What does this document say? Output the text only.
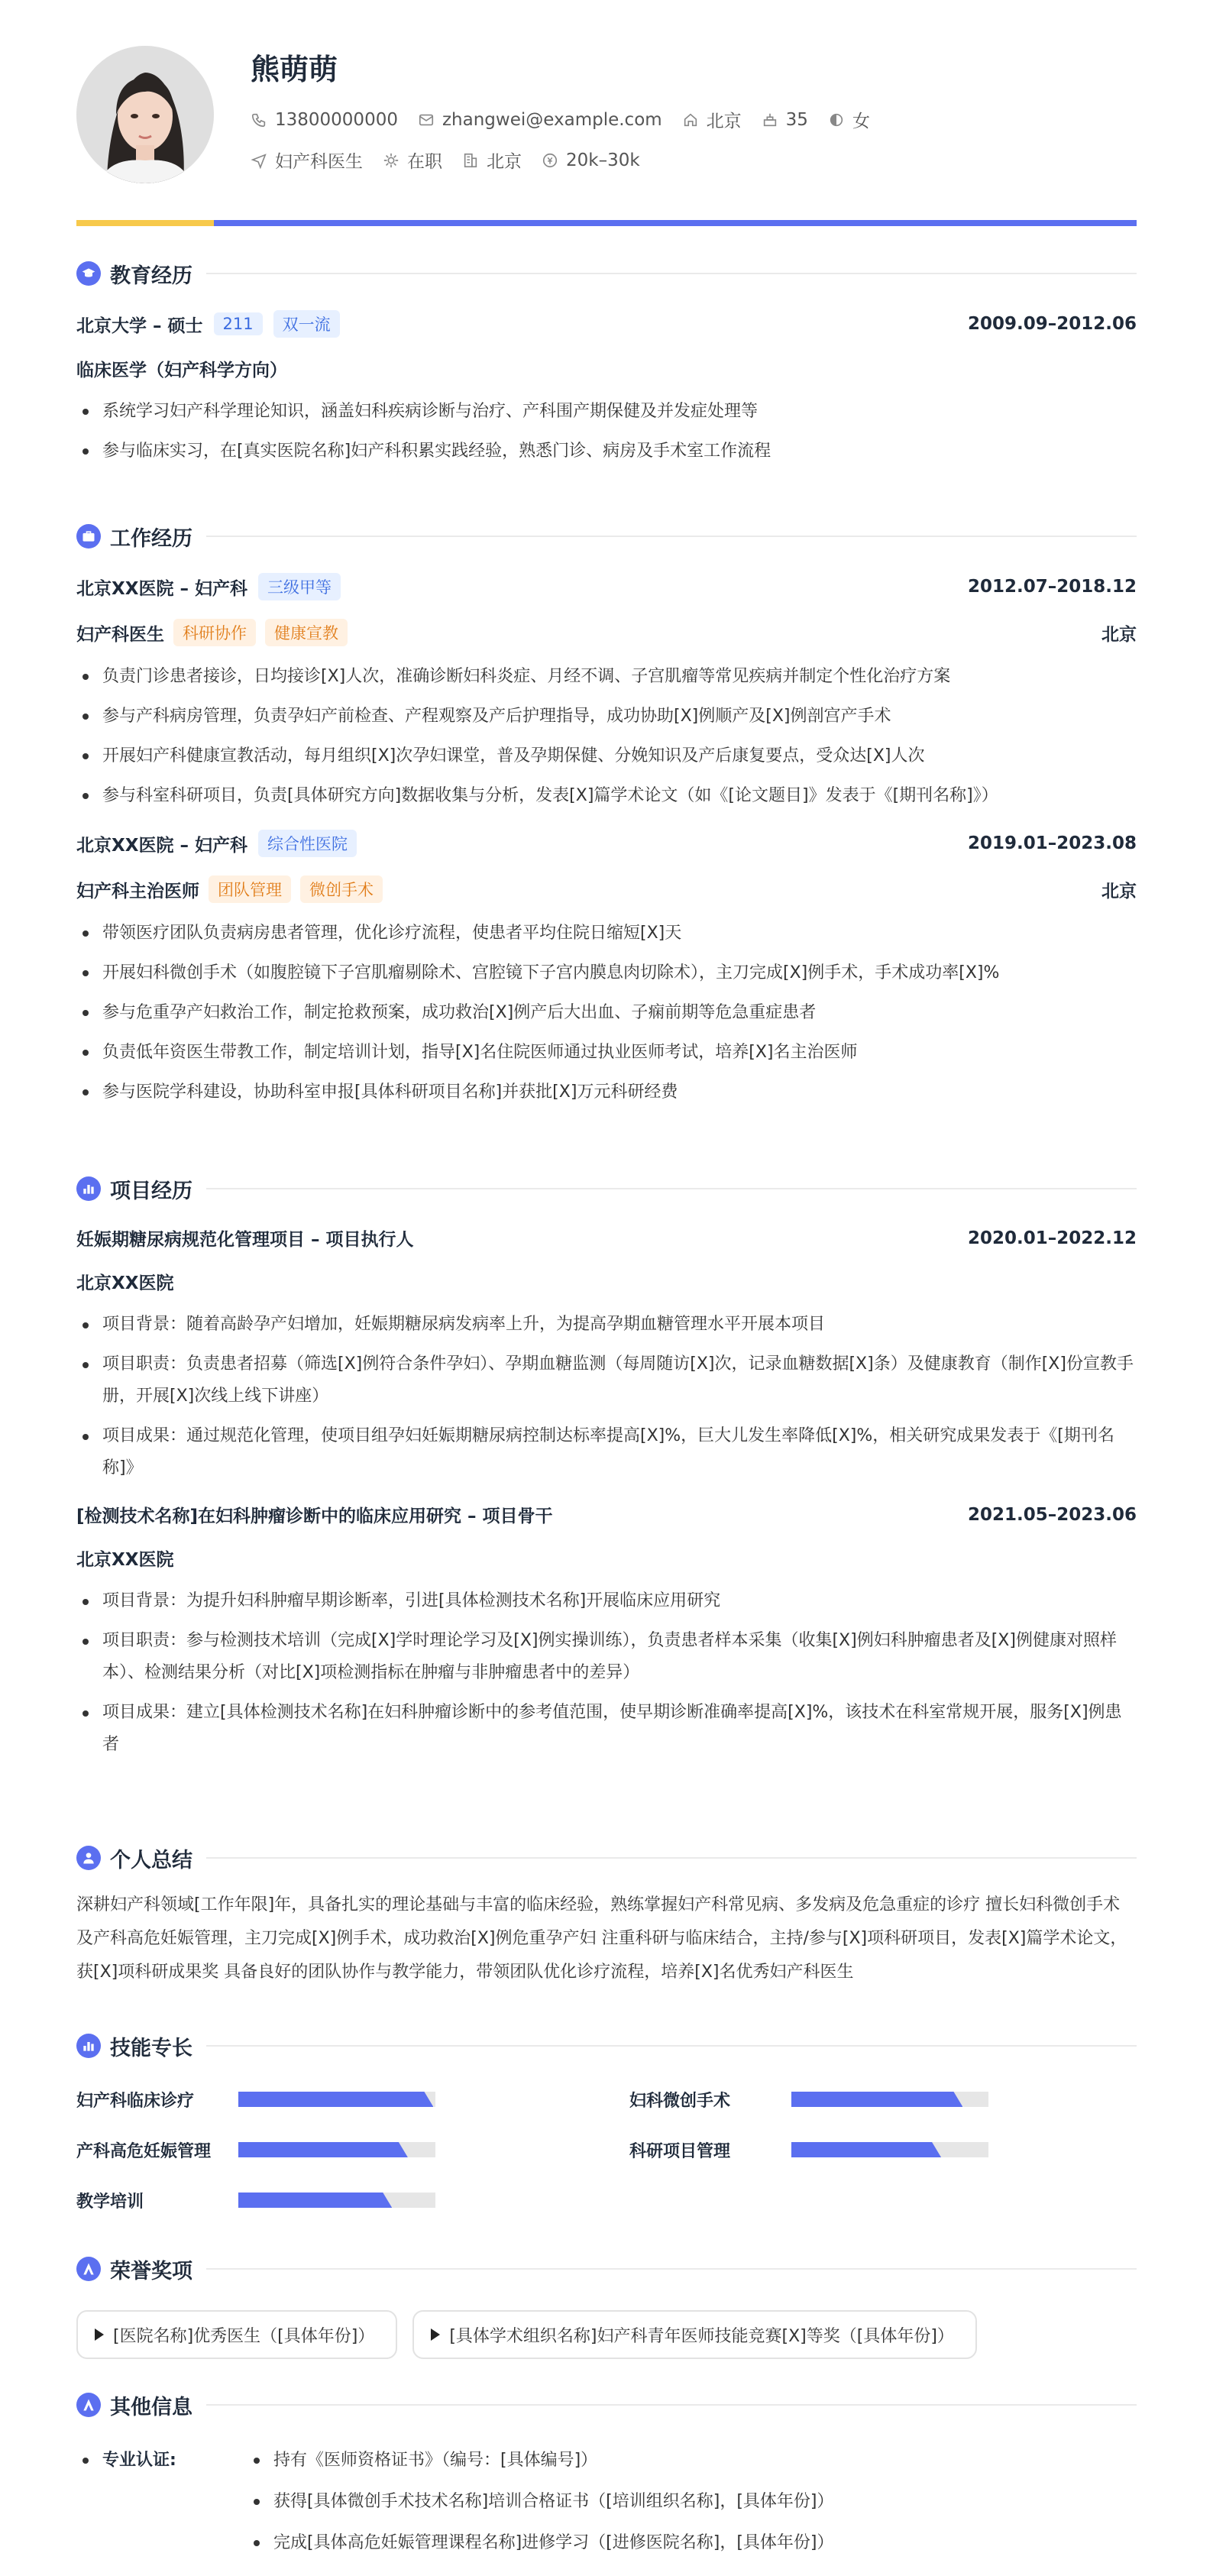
熊萌萌
13800000000	zhangwei@example.com	北京	35	女
妇产科医生	在职	北京	20k–30k
教育经历
北京大学 – 硕士	211	双一流	2009.09–2012.06
临床医学（妇产科学方向）
系统学习妇产科学理论知识，涵盖妇科疾病诊断与治疗、产科围产期保健及并发症处理等
参与临床实习，在[真实医院名称]妇产科积累实践经验，熟悉门诊、病房及手术室工作流程
工作经历
北京XX医院 – 妇产科	三级甲等	2012.07–2018.12
妇产科医生	科研协作	健康宣教	北京
负责门诊患者接诊，日均接诊[X]人次，准确诊断妇科炎症、月经不调、子宫肌瘤等常见疾病并制定个性化治疗方案
参与产科病房管理，负责孕妇产前检查、产程观察及产后护理指导，成功协助[X]例顺产及[X]例剖宫产手术
开展妇产科健康宣教活动，每月组织[X]次孕妇课堂，普及孕期保健、分娩知识及产后康复要点，受众达[X]人次
参与科室科研项目，负责[具体研究方向]数据收集与分析，发表[X]篇学术论文（如《[论文题目]》发表于《[期刊名称]》）
北京XX医院 – 妇产科	综合性医院	2019.01–2023.08
妇产科主治医师	团队管理	微创手术	北京
带领医疗团队负责病房患者管理，优化诊疗流程，使患者平均住院日缩短[X]天
开展妇科微创手术（如腹腔镜下子宫肌瘤剔除术、宫腔镜下子宫内膜息肉切除术），主刀完成[X]例手术，手术成功率[X]%
参与危重孕产妇救治工作，制定抢救预案，成功救治[X]例产后大出血、子痫前期等危急重症患者
负责低年资医生带教工作，制定培训计划，指导[X]名住院医师通过执业医师考试，培养[X]名主治医师
参与医院学科建设，协助科室申报[具体科研项目名称]并获批[X]万元科研经费
项目经历
妊娠期糖尿病规范化管理项目 – 项目执行人	2020.01–2022.12
北京XX医院
项目背景：随着高龄孕产妇增加，妊娠期糖尿病发病率上升，为提高孕期血糖管理水平开展本项目
项目职责：负责患者招募（筛选[X]例符合条件孕妇）、孕期血糖监测（每周随访[X]次，记录血糖数据[X]条）及健康教育（制作[X]份宣教手册，开展[X]次线上线下讲座）
项目成果：通过规范化管理，使项目组孕妇妊娠期糖尿病控制达标率提高[X]%，巨大儿发生率降低[X]%，相关研究成果发表于《[期刊名称]》
[检测技术名称]在妇科肿瘤诊断中的临床应用研究 – 项目骨干	2021.05–2023.06
北京XX医院
项目背景：为提升妇科肿瘤早期诊断率，引进[具体检测技术名称]开展临床应用研究
项目职责：参与检测技术培训（完成[X]学时理论学习及[X]例实操训练），负责患者样本采集（收集[X]例妇科肿瘤患者及[X]例健康对照样本）、检测结果分析（对比[X]项检测指标在肿瘤与非肿瘤患者中的差异）
项目成果：建立[具体检测技术名称]在妇科肿瘤诊断中的参考值范围，使早期诊断准确率提高[X]%，该技术在科室常规开展，服务[X]例患者
个人总结
深耕妇产科领域[工作年限]年，具备扎实的理论基础与丰富的临床经验，熟练掌握妇产科常见病、多发病及危急重症的诊疗 擅长妇科微创手术及产科高危妊娠管理，主刀完成[X]例手术，成功救治[X]例危重孕产妇 注重科研与临床结合，主持/参与[X]项科研项目，发表[X]篇学术论文，获[X]项科研成果奖 具备良好的团队协作与教学能力，带领团队优化诊疗流程，培养[X]名优秀妇产科医生
技能专长
妇产科临床诊疗	妇科微创手术
产科高危妊娠管理	科研项目管理
教学培训
荣誉奖项
[医院名称]优秀医生（[具体年份]）	[具体学术组织名称]妇产科青年医师技能竞赛[X]等奖（[具体年份]）
其他信息
专业认证:	持有《医师资格证书》（编号：[具体编号]）
获得[具体微创手术技术名称]培训合格证书（[培训组织名称]，[具体年份]）
完成[具体高危妊娠管理课程名称]进修学习（[进修医院名称]，[具体年份]）
